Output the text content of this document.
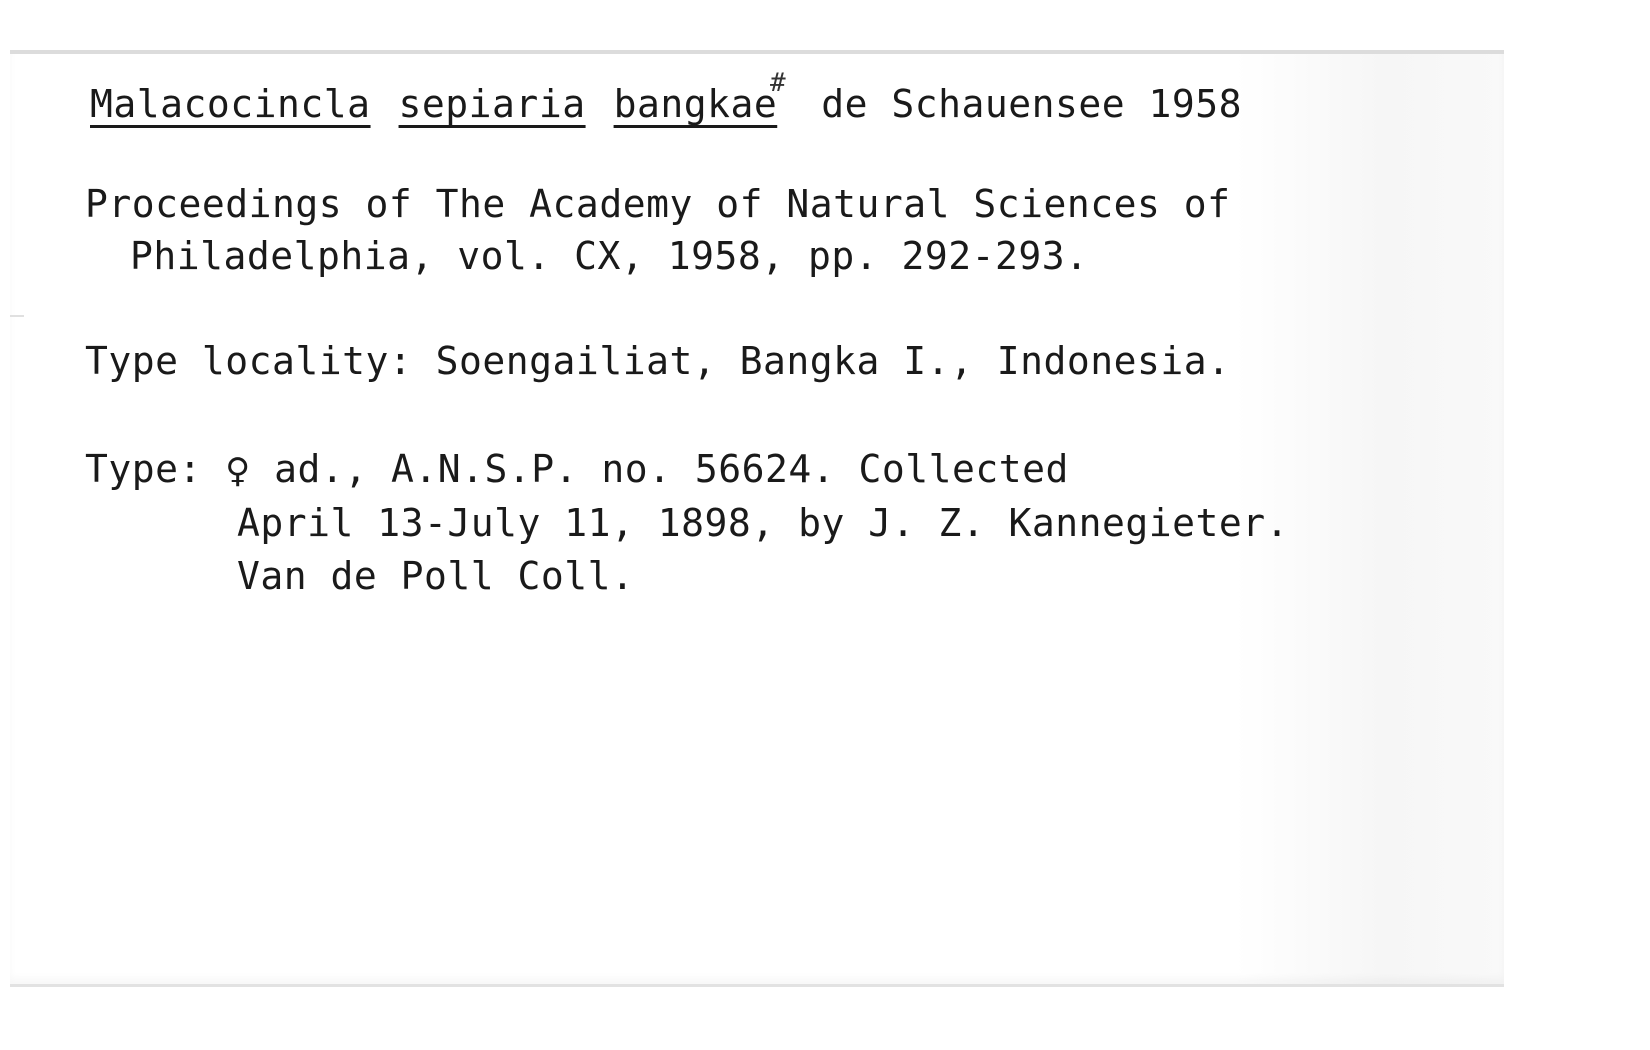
Malacocincla sepiaria bangkae de Schauensee 1958
#
Proceedings of The Academy of Natural Sciences of
Philadelphia, vol. CX, 1958, pp. 292-293.
Type locality: Soengailiat, Bangka I., Indonesia.
Type: ♀ ad., A.N.S.P. no. 56624. Collected
April 13-July 11, 1898, by J. Z. Kannegieter.
Van de Poll Coll.
